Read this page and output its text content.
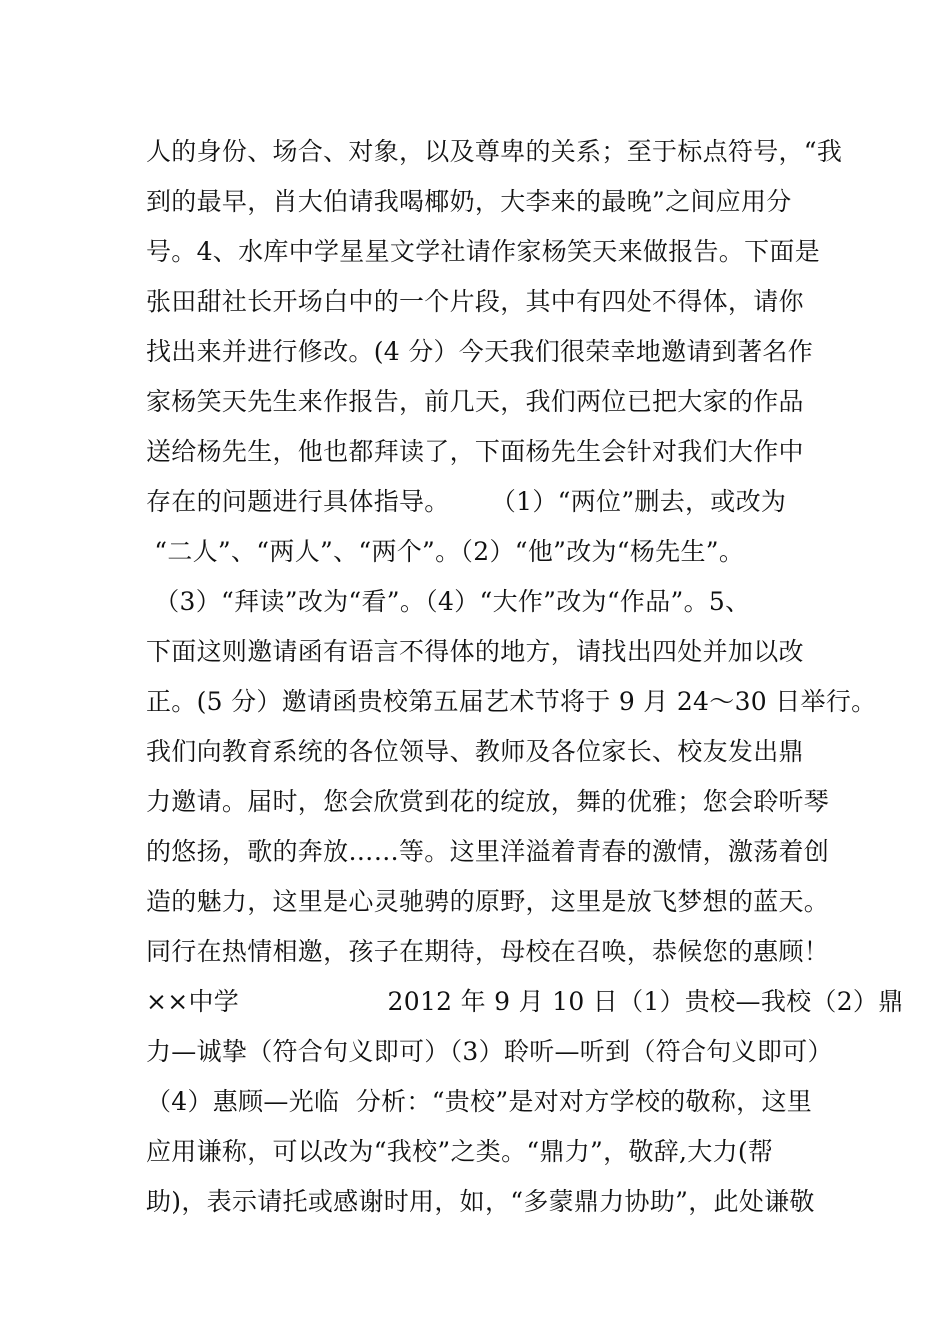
人的身份、场合、对象，以及尊卑的关系；至于标点符号，“我
到的最早，肖大伯请我喝椰奶，大李来的最晚”之间应用分
号。4、水库中学星星文学社请作家杨笑天来做报告。下面是
张田甜社长开场白中的一个片段，其中有四处不得体，请你
找出来并进行修改。(4 分）今天我们很荣幸地邀请到著名作
家杨笑天先生来作报告，前几天，我们两位已把大家的作品
送给杨先生，他也都拜读了，下面杨先生会针对我们大作中
存在的问题进行具体指导。     （1）“两位”删去，或改为
“二人”、“两人”、“两个”。（2）“他”改为“杨先生”。
（3）“拜读”改为“看”。（4）“大作”改为“作品”。5、
下面这则邀请函有语言不得体的地方，请找出四处并加以改
正。(5 分）邀请函贵校第五届艺术节将于 9 月 24～30 日举行。
我们向教育系统的各位领导、教师及各位家长、校友发出鼎
力邀请。届时，您会欣赏到花的绽放，舞的优雅；您会聆听琴
的悠扬，歌的奔放……等。这里洋溢着青春的激情，激荡着创
造的魅力，这里是心灵驰骋的原野，这里是放飞梦想的蓝天。
同行在热情相邀，孩子在期待，母校在召唤，恭候您的惠顾！
××中学                  2012 年 9 月 10 日（1）贵校—我校（2）鼎
力—诚挚（符合句义即可）（3）聆听—听到（符合句义即可）
（4）惠顾—光临  分析：“贵校”是对对方学校的敬称，这里
应用谦称，可以改为“我校”之类。“鼎力”，敬辞,大力(帮
助)，表示请托或感谢时用，如，“多蒙鼎力协助”，此处谦敬
